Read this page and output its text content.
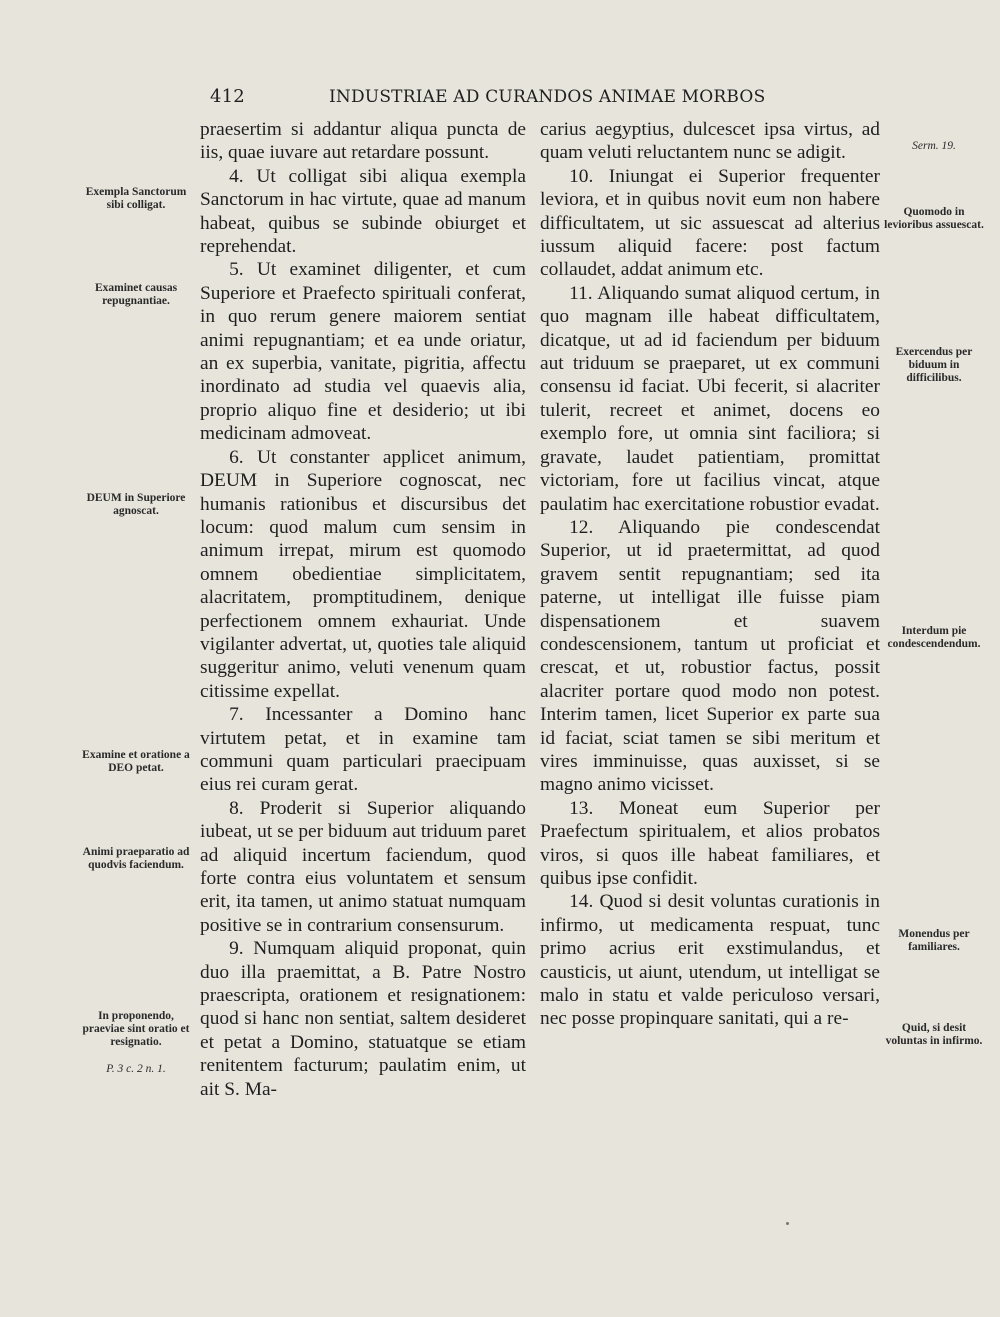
412	INDUSTRIAE AD CURANDOS ANIMAE MORBOS

praesertim si addantur aliqua puncta de iis, quae iuvare aut retardare possunt.

4. Ut colligat sibi aliqua exempla Sanctorum in hac virtute, quae ad manum habeat, quibus se subinde obiurget et reprehendat.

5. Ut examinet diligenter, et cum Superiore et Praefecto spirituali conferat, in quo rerum genere maiorem sentiat animi repugnantiam; et ea unde oriatur, an ex superbia, vanitate, pigritia, affectu inordinato ad studia vel quaevis alia, proprio aliquo fine et desiderio; ut ibi medicinam admoveat.

6. Ut constanter applicet animum, DEUM in Superiore cognoscat, nec humanis rationibus et discursibus det locum: quod malum cum sensim in animum irrepat, mirum est quomodo omnem obedientiae simplicitatem, alacritatem, promptitudinem, denique perfectionem omnem exhauriat. Unde vigilanter advertat, ut, quoties tale aliquid suggeritur animo, veluti venenum quam citissime expellat.

7. Incessanter a Domino hanc virtutem petat, et in examine tam communi quam particulari praecipuam eius rei curam gerat.

8. Proderit si Superior aliquando iubeat, ut se per biduum aut triduum paret ad aliquid incertum faciendum, quod forte contra eius voluntatem et sensum erit, ita tamen, ut animo statuat numquam positive se in contrarium consensurum.

9. Numquam aliquid proponat, quin duo illa praemittat, a B. Patre Nostro praescripta, orationem et resignationem: quod si hanc non sentiat, saltem desideret et petat a Domino, statuatque se etiam renitentem facturum; paulatim enim, ut ait S. Ma-

carius aegyptius, dulcescet ipsa virtus, ad quam veluti reluctantem nunc se adigit.

10. Iniungat ei Superior frequenter leviora, et in quibus novit eum non habere difficultatem, ut sic assuescat ad alterius iussum aliquid facere: post factum collaudet, addat animum etc.

11. Aliquando sumat aliquod certum, in quo magnam ille habeat difficultatem, dicatque, ut ad id faciendum per biduum aut triduum se praeparet, ut ex communi consensu id faciat. Ubi fecerit, si alacriter tulerit, recreet et animet, docens eo exemplo fore, ut omnia sint faciliora; si gravate, laudet patientiam, promittat victoriam, fore ut facilius vincat, atque paulatim hac exercitatione robustior evadat.

12. Aliquando pie condescendat Superior, ut id praetermittat, ad quod gravem sentit repugnantiam; sed ita paterne, ut intelligat ille fuisse piam dispensationem et suavem condescensionem, tantum ut proficiat et crescat, et ut, robustior factus, possit alacriter portare quod modo non potest. Interim tamen, licet Superior ex parte sua id faciat, sciat tamen se sibi meritum et vires imminuisse, quas auxisset, si se magno animo vicisset.

13. Moneat eum Superior per Praefectum spiritualem, et alios probatos viros, si quos ille habeat familiares, et quibus ipse confidit.

14. Quod si desit voluntas curationis in infirmo, ut medicamenta respuat, tunc primo acrius erit exstimulandus, et causticis, ut aiunt, utendum, ut intelligat se malo in statu et valde periculoso versari, nec posse propinquare sanitati, qui a re-

Exempla Sanctorum sibi colligat.
Examinet causas repugnantiae.
DEUM in Superiore agnoscat.
Examine et oratione a DEO petat.
Animi praeparatio ad quodvis faciendum.
In proponendo, praeviae sint oratio et resignatio.
P. 3 c. 2 n. 1.
Serm. 19.
Quomodo in levioribus assuescat.
Exercendus per biduum in difficilibus.
Interdum pie condescendendum.
Monendus per familiares.
Quid, si desit voluntas in infirmo.
